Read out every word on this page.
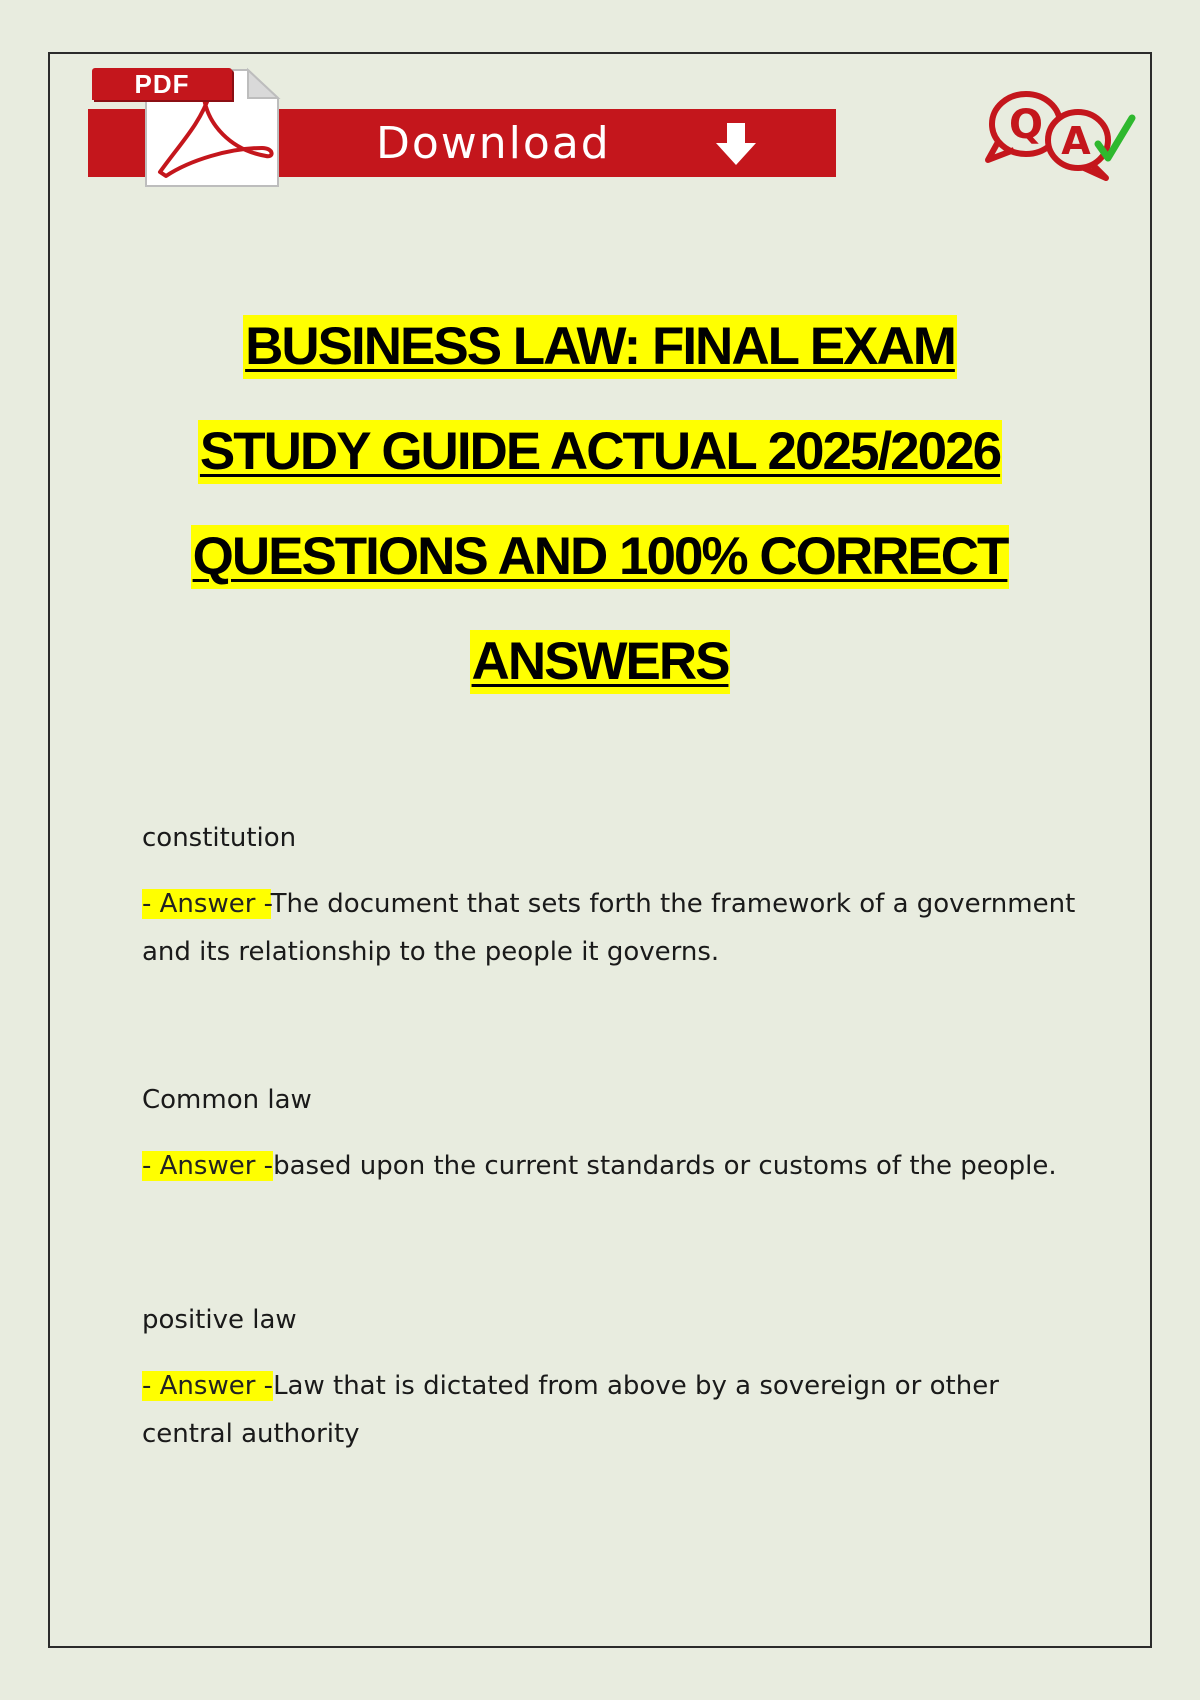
PDF
Download	Q A
BUSINESS LAW: FINAL EXAM
STUDY GUIDE ACTUAL 2025/2026
QUESTIONS AND 100% CORRECT
ANSWERS
constitution
- Answer -The document that sets forth the framework of a government and its relationship to the people it governs.
Common law
- Answer -based upon the current standards or customs of the people.
positive law
- Answer -Law that is dictated from above by a sovereign or other central authority
